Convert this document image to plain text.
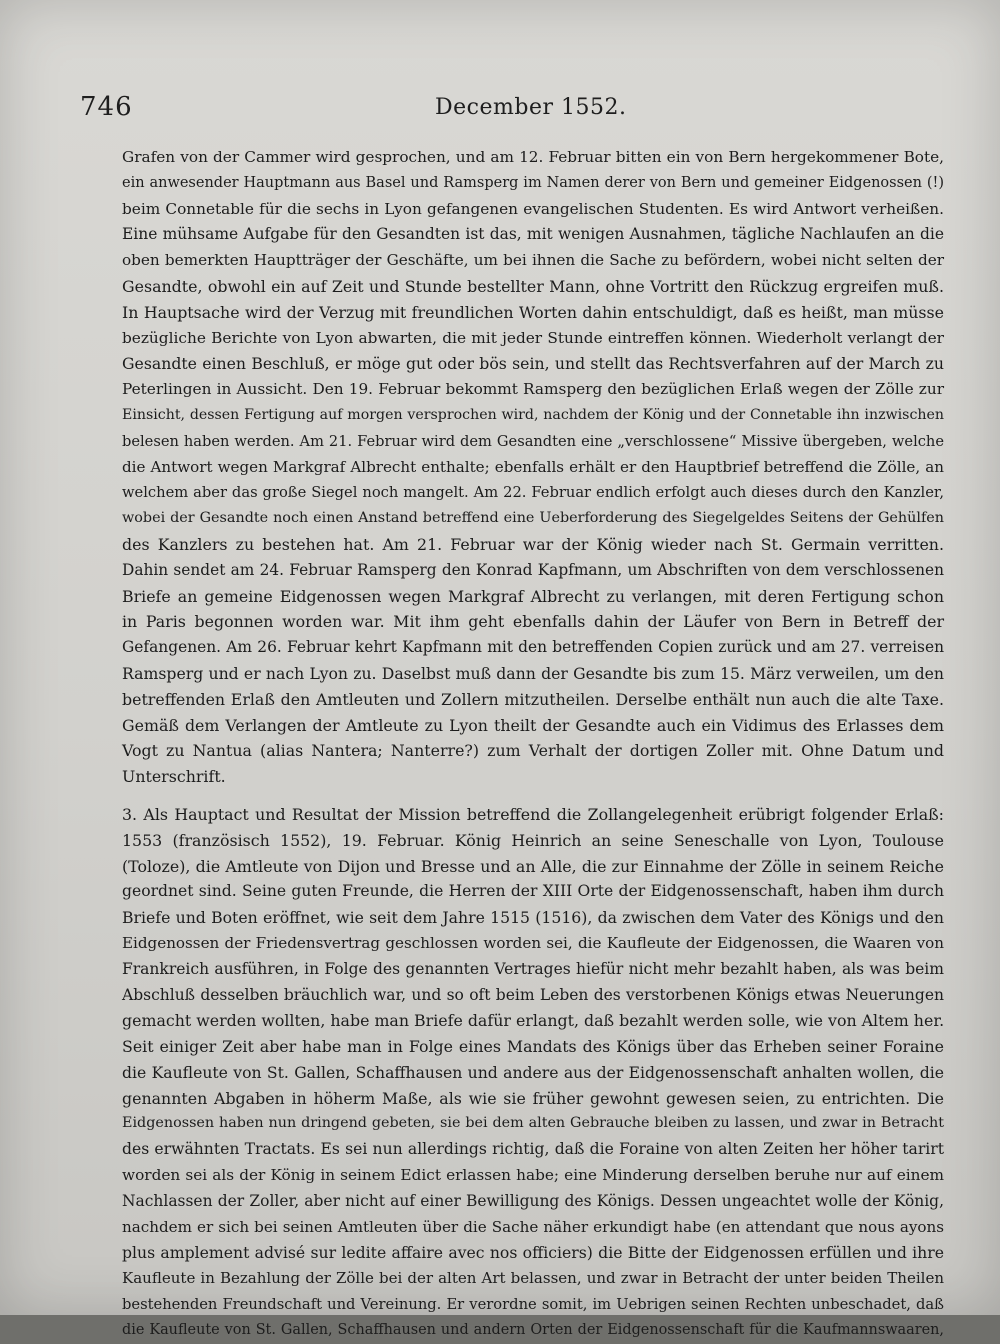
746	December 1552.
Grafen von der Cammer wird gesprochen, und am 12. Februar bitten ein von Bern hergekommener Bote,
ein anwesender Hauptmann aus Basel und Ramsperg im Namen derer von Bern und gemeiner Eidgenossen (!)
beim Connetable für die sechs in Lyon gefangenen evangelischen Studenten. Es wird Antwort verheißen.
Eine mühsame Aufgabe für den Gesandten ist das, mit wenigen Ausnahmen, tägliche Nachlaufen an die
oben bemerkten Hauptträger der Geschäfte, um bei ihnen die Sache zu befördern, wobei nicht selten der
Gesandte, obwohl ein auf Zeit und Stunde bestellter Mann, ohne Vortritt den Rückzug ergreifen muß.
In Hauptsache wird der Verzug mit freundlichen Worten dahin entschuldigt, daß es heißt, man müsse
bezügliche Berichte von Lyon abwarten, die mit jeder Stunde eintreffen können. Wiederholt verlangt der
Gesandte einen Beschluß, er möge gut oder bös sein, und stellt das Rechtsverfahren auf der March zu
Peterlingen in Aussicht. Den 19. Februar bekommt Ramsperg den bezüglichen Erlaß wegen der Zölle zur
Einsicht, dessen Fertigung auf morgen versprochen wird, nachdem der König und der Connetable ihn inzwischen
belesen haben werden. Am 21. Februar wird dem Gesandten eine „verschlossene“ Missive übergeben, welche
die Antwort wegen Markgraf Albrecht enthalte; ebenfalls erhält er den Hauptbrief betreffend die Zölle, an
welchem aber das große Siegel noch mangelt. Am 22. Februar endlich erfolgt auch dieses durch den Kanzler,
wobei der Gesandte noch einen Anstand betreffend eine Ueberforderung des Siegelgeldes Seitens der Gehülfen
des Kanzlers zu bestehen hat. Am 21. Februar war der König wieder nach St. Germain verritten.
Dahin sendet am 24. Februar Ramsperg den Konrad Kapfmann, um Abschriften von dem verschlossenen
Briefe an gemeine Eidgenossen wegen Markgraf Albrecht zu verlangen, mit deren Fertigung schon
in Paris begonnen worden war. Mit ihm geht ebenfalls dahin der Läufer von Bern in Betreff der
Gefangenen. Am 26. Februar kehrt Kapfmann mit den betreffenden Copien zurück und am 27. verreisen
Ramsperg und er nach Lyon zu. Daselbst muß dann der Gesandte bis zum 15. März verweilen, um den
betreffenden Erlaß den Amtleuten und Zollern mitzutheilen. Derselbe enthält nun auch die alte Taxe.
Gemäß dem Verlangen der Amtleute zu Lyon theilt der Gesandte auch ein Vidimus des Erlasses dem
Vogt zu Nantua (alias Nantera; Nanterre?) zum Verhalt der dortigen Zoller mit. Ohne Datum und
Unterschrift.
3. Als Hauptact und Resultat der Mission betreffend die Zollangelegenheit erübrigt folgender Erlaß:
1553 (französisch 1552), 19. Februar. König Heinrich an seine Seneschalle von Lyon, Toulouse
(Toloze), die Amtleute von Dijon und Bresse und an Alle, die zur Einnahme der Zölle in seinem Reiche
geordnet sind. Seine guten Freunde, die Herren der XIII Orte der Eidgenossenschaft, haben ihm durch
Briefe und Boten eröffnet, wie seit dem Jahre 1515 (1516), da zwischen dem Vater des Königs und den
Eidgenossen der Friedensvertrag geschlossen worden sei, die Kaufleute der Eidgenossen, die Waaren von
Frankreich ausführen, in Folge des genannten Vertrages hiefür nicht mehr bezahlt haben, als was beim
Abschluß desselben bräuchlich war, und so oft beim Leben des verstorbenen Königs etwas Neuerungen
gemacht werden wollten, habe man Briefe dafür erlangt, daß bezahlt werden solle, wie von Altem her.
Seit einiger Zeit aber habe man in Folge eines Mandats des Königs über das Erheben seiner Foraine
die Kaufleute von St. Gallen, Schaffhausen und andere aus der Eidgenossenschaft anhalten wollen, die
genannten Abgaben in höherm Maße, als wie sie früher gewohnt gewesen seien, zu entrichten. Die
Eidgenossen haben nun dringend gebeten, sie bei dem alten Gebrauche bleiben zu lassen, und zwar in Betracht
des erwähnten Tractats. Es sei nun allerdings richtig, daß die Foraine von alten Zeiten her höher tarirt
worden sei als der König in seinem Edict erlassen habe; eine Minderung derselben beruhe nur auf einem
Nachlassen der Zoller, aber nicht auf einer Bewilligung des Königs. Dessen ungeachtet wolle der König,
nachdem er sich bei seinen Amtleuten über die Sache näher erkundigt habe (en attendant que nous ayons
plus amplement advisé sur ledite affaire avec nos officiers) die Bitte der Eidgenossen erfüllen und ihre
Kaufleute in Bezahlung der Zölle bei der alten Art belassen, und zwar in Betracht der unter beiden Theilen
bestehenden Freundschaft und Vereinung. Er verordne somit, im Uebrigen seinen Rechten unbeschadet, daß
die Kaufleute von St. Gallen, Schaffhausen und andern Orten der Eidgenossenschaft für die Kaufmannswaaren,
